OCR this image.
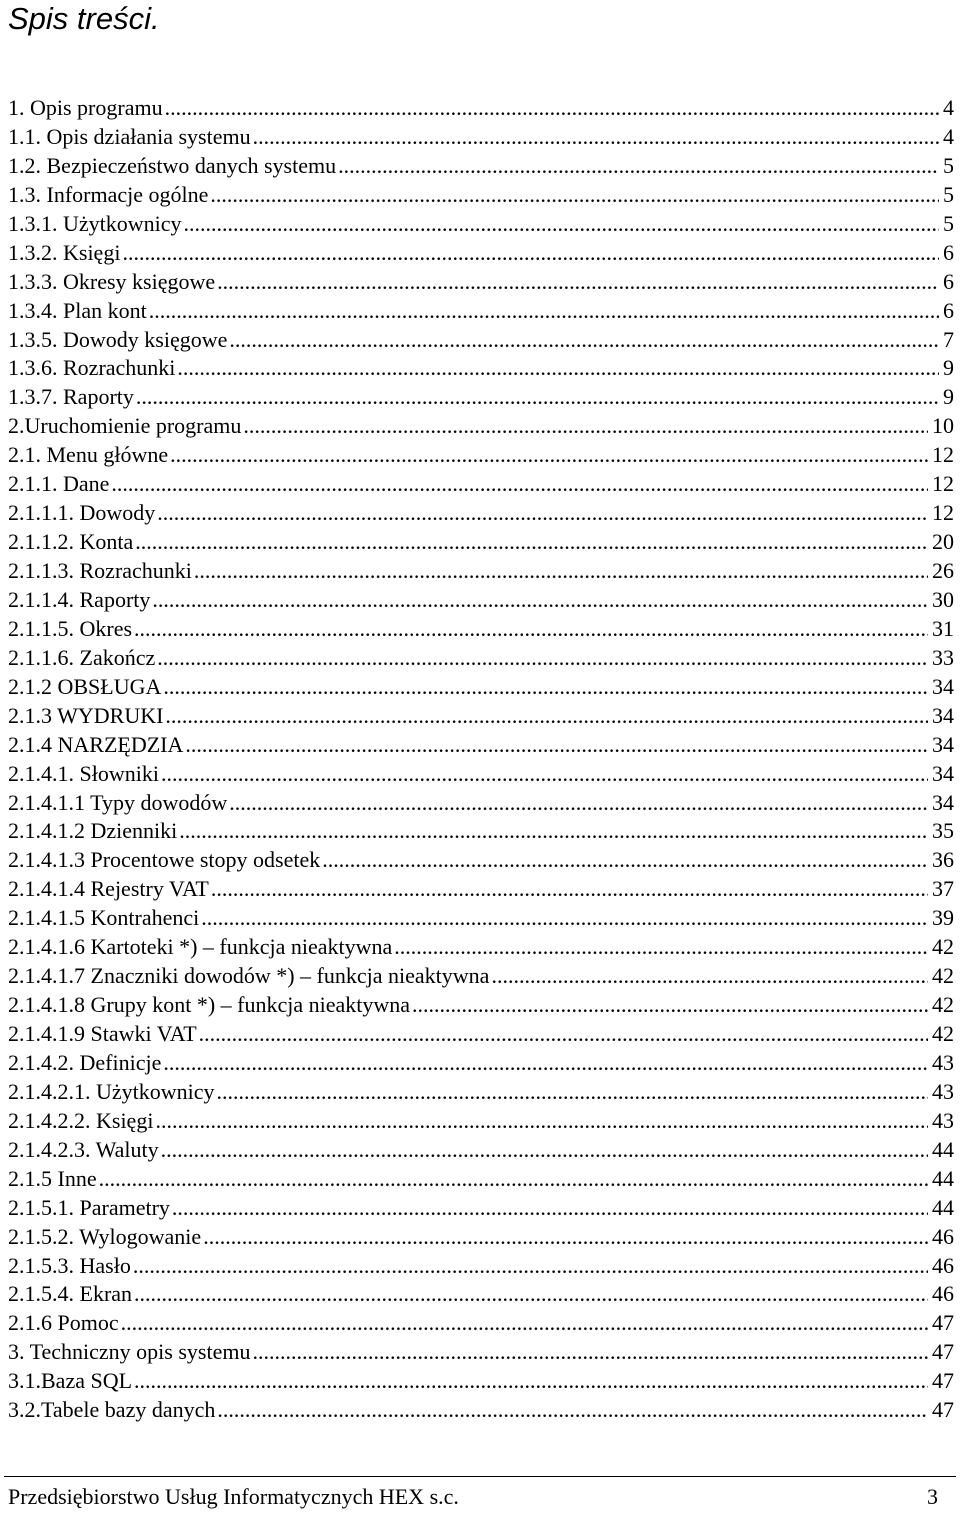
Spis treści.
1. Opis programu .....	4
1.1. Opis działania systemu .....	4
1.2. Bezpieczeństwo danych systemu .....	5
1.3. Informacje ogólne .....	5
1.3.1. Użytkownicy .....	5
1.3.2. Księgi .....	6
1.3.3. Okresy księgowe .....	6
1.3.4. Plan kont .....	6
1.3.5. Dowody księgowe .....	7
1.3.6. Rozrachunki .....	9
1.3.7. Raporty .....	9
2.Uruchomienie programu .....	10
2.1. Menu główne .....	12
2.1.1. Dane .....	12
2.1.1.1. Dowody .....	12
2.1.1.2. Konta .....	20
2.1.1.3. Rozrachunki .....	26
2.1.1.4. Raporty .....	30
2.1.1.5. Okres .....	31
2.1.1.6. Zakończ .....	33
2.1.2 OBSŁUGA .....	34
2.1.3 WYDRUKI .....	34
2.1.4 NARZĘDZIA .....	34
2.1.4.1. Słowniki .....	34
2.1.4.1.1 Typy dowodów .....	34
2.1.4.1.2 Dzienniki .....	35
2.1.4.1.3 Procentowe stopy odsetek .....	36
2.1.4.1.4 Rejestry VAT .....	37
2.1.4.1.5 Kontrahenci .....	39
2.1.4.1.6 Kartoteki *) – funkcja nieaktywna .....	42
2.1.4.1.7 Znaczniki dowodów *) – funkcja nieaktywna .....	42
2.1.4.1.8 Grupy kont *) – funkcja nieaktywna .....	42
2.1.4.1.9 Stawki VAT .....	42
2.1.4.2. Definicje .....	43
2.1.4.2.1. Użytkownicy .....	43
2.1.4.2.2. Księgi .....	43
2.1.4.2.3. Waluty .....	44
2.1.5 Inne .....	44
2.1.5.1. Parametry .....	44
2.1.5.2. Wylogowanie .....	46
2.1.5.3. Hasło .....	46
2.1.5.4. Ekran .....	46
2.1.6 Pomoc .....	47
3. Techniczny opis systemu .....	47
3.1.Baza SQL .....	47
3.2.Tabele bazy danych .....	47
Przedsiębiorstwo Usług Informatycznych HEX s.c.	3
